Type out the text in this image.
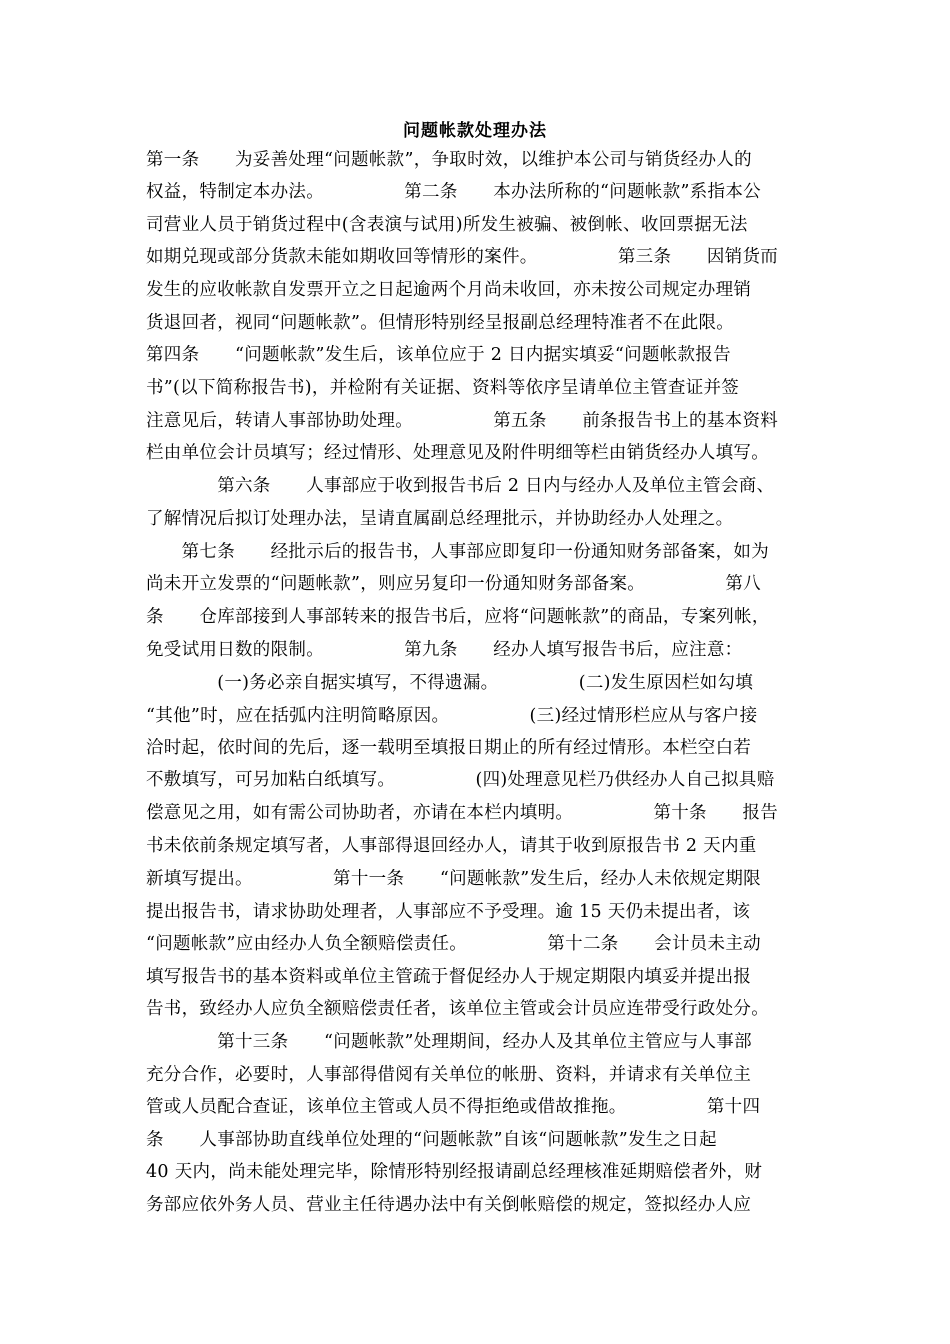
问题帐款处理办法
第一条　　为妥善处理“问题帐款”，争取时效，以维护本公司与销货经办人的
权益，特制定本办法。　　　　　第二条　　本办法所称的“问题帐款”系指本公
司营业人员于销货过程中(含表演与试用)所发生被骗、被倒帐、收回票据无法
如期兑现或部分货款未能如期收回等情形的案件。　　　　　第三条　　因销货而
发生的应收帐款自发票开立之日起逾两个月尚未收回，亦未按公司规定办理销
货退回者，视同“问题帐款”。但情形特别经呈报副总经理特准者不在此限。
第四条　　“问题帐款”发生后，该单位应于 2 日内据实填妥“问题帐款报告
书”(以下简称报告书)，并检附有关证据、资料等依序呈请单位主管查证并签
注意见后，转请人事部协助处理。　　　　　第五条　　前条报告书上的基本资料
栏由单位会计员填写；经过情形、处理意见及附件明细等栏由销货经办人填写。
　　　　第六条　　人事部应于收到报告书后 2 日内与经办人及单位主管会商、
了解情况后拟订处理办法，呈请直属副总经理批示，并协助经办人处理之。
　　第七条　　经批示后的报告书，人事部应即复印一份通知财务部备案，如为
尚未开立发票的“问题帐款”，则应另复印一份通知财务部备案。　　　　　第八
条　　仓库部接到人事部转来的报告书后，应将“问题帐款”的商品，专案列帐，
免受试用日数的限制。　　　　　第九条　　经办人填写报告书后，应注意：
　　　　(一)务必亲自据实填写，不得遗漏。　　　　　(二)发生原因栏如勾填
“其他”时，应在括弧内注明简略原因。　　　　　(三)经过情形栏应从与客户接
洽时起，依时间的先后，逐一载明至填报日期止的所有经过情形。本栏空白若
不敷填写，可另加粘白纸填写。　　　　　(四)处理意见栏乃供经办人自己拟具赔
偿意见之用，如有需公司协助者，亦请在本栏内填明。　　　　　第十条　　报告
书未依前条规定填写者，人事部得退回经办人，请其于收到原报告书 2 天内重
新填写提出。　　　　　第十一条　　“问题帐款”发生后，经办人未依规定期限
提出报告书，请求协助处理者，人事部应不予受理。逾 15 天仍未提出者，该
“问题帐款”应由经办人负全额赔偿责任。　　　　　第十二条　　会计员未主动
填写报告书的基本资料或单位主管疏于督促经办人于规定期限内填妥并提出报
告书，致经办人应负全额赔偿责任者，该单位主管或会计员应连带受行政处分。
　　　　第十三条　　“问题帐款”处理期间，经办人及其单位主管应与人事部
充分合作，必要时，人事部得借阅有关单位的帐册、资料，并请求有关单位主
管或人员配合查证，该单位主管或人员不得拒绝或借故推拖。　　　　　第十四
条　　人事部协助直线单位处理的“问题帐款”自该“问题帐款”发生之日起
40 天内，尚未能处理完毕，除情形特别经报请副总经理核准延期赔偿者外，财
务部应依外务人员、营业主任待遇办法中有关倒帐赔偿的规定，签拟经办人应
